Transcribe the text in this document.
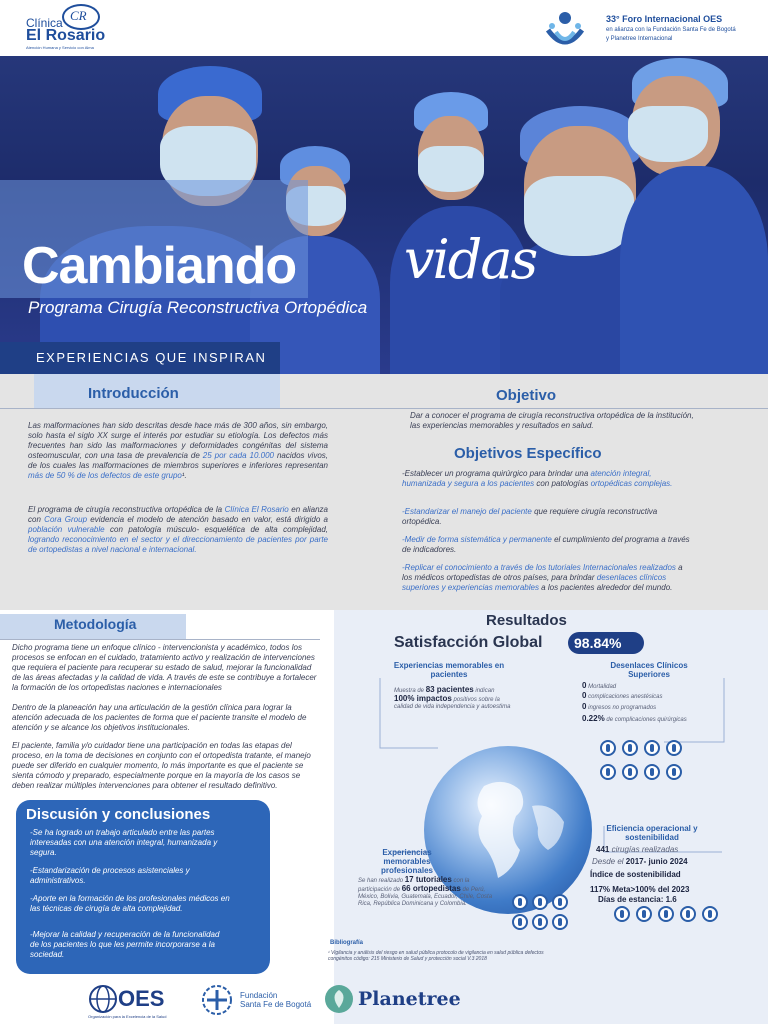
CR
Clínica
El Rosario
Atención Humana y Servicio con Alma
33° Foro Internacional OES
en alianza con la Fundación Santa Fe de Bogotá
y Planetree Internacional
Cambiando vidas
Programa Cirugía Reconstructiva Ortopédica
EXPERIENCIAS QUE INSPIRAN
Introducción
Las malformaciones han sido descritas desde hace más de 300 años, sin embargo, solo hasta el siglo XX surge el interés por estudiar su etiología. Los defectos más frecuentes han sido las malformaciones y deformidades congénitas del sistema osteomuscular, con una tasa de prevalencia de 25 por cada 10.000 nacidos vivos, de los cuales las malformaciones de miembros superiores e inferiores representan más de 50 % de los defectos de este grupo¹.
El programa de cirugía reconstructiva ortopédica de la Clínica El Rosario en alianza con Cora Group evidencia el modelo de atención basado en valor, está dirigido a población vulnerable con patología músculo- esquelética de alta complejidad, logrando reconocimiento en el sector y el direccionamiento de pacientes por parte de ortopedistas a nivel nacional e internacional.
Objetivo
Dar a conocer el programa de cirugía reconstructiva ortopédica de la institución, las experiencias memorables y resultados en salud.
Objetivos Específico
-Establecer un programa quirúrgico para brindar una atención integral, humanizada y segura a los pacientes con patologías ortopédicas complejas.
-Estandarizar el manejo del paciente que requiere cirugía reconstructiva ortopédica.
-Medir de forma sistemática y permanente el cumplimiento del programa a través de indicadores.
-Replicar el conocimiento a través de los tutoriales Internacionales realizados a los médicos ortopedistas de otros países, para brindar desenlaces clínicos superiores y experiencias memorables a los pacientes alrededor del mundo.
Metodología
Dicho programa tiene un enfoque clínico - intervencionista y académico, todos los procesos se enfocan en el cuidado, tratamiento activo y realización de intervenciones que requiera el paciente para recuperar su estado de salud, mejorar la funcionalidad de las áreas afectadas y la calidad de vida. A través de este se contribuye a fortalecer la formación de los ortopedistas naciones e internacionales
Dentro de la planeación hay una articulación de la gestión clínica para lograr la atención adecuada de los pacientes de forma que el paciente transite el modelo de atención y se alcance los objetivos institucionales.
El paciente, familia y/o cuidador tiene una participación en todas las etapas del proceso, en la toma de decisiones en conjunto con el ortopedista tratante, el manejo puede ser diferido en cualquier momento, lo más importante es que el paciente se sienta cómodo y preparado, especialmente porque en la mayoría de los casos se deben realizar múltiples intervenciones para obtener el resultado definitivo.
Discusión y conclusiones
-Se ha logrado un trabajo articulado entre las partes interesadas con una atención integral, humanizada y segura.
-Estandarización de procesos asistenciales y administrativos.
-Aporte en la formación de los profesionales médicos en las técnicas de cirugía de alta complejidad.
-Mejorar la calidad y recuperación de la funcionalidad de los pacientes lo que les permite incorporarse a la sociedad.
Resultados
Satisfacción Global 98.84%
Experiencias memorables en pacientes
Muestra de 83 pacientes indican
100% impactos positivos sobre la calidad de vida independencia y autoestima
Desenlaces Clínicos Superiores
0 Mortalidad
0 complicaciones anestésicas
0 ingresos no programados
0.22% de complicaciones quirúrgicas
Experiencias memorables profesionales
Se han realizado 17 tutoriales con la participación de 66 ortopedistas de Perú, México, Bolivia, Guatemala, Ecuador, Chile, Costa Rica, República Dominicana y Colombia.
Eficiencia operacional y sostenibilidad
441 cirugías realizadas
Desde el 2017- junio 2024
Índice de sostenibilidad
117% Meta>100% del 2023
Días de estancia: 1.6
Bibliografía
¹ Vigilancia y análisis del riesgo en salud pública protocolo de vigilancia en salud pública defectos congénitos código: 215 Ministerio de Salud y protección social V.3 2018
OES
Organización para la Excelencia de la Salud
Fundación
Santa Fe de Bogotá Planetree
